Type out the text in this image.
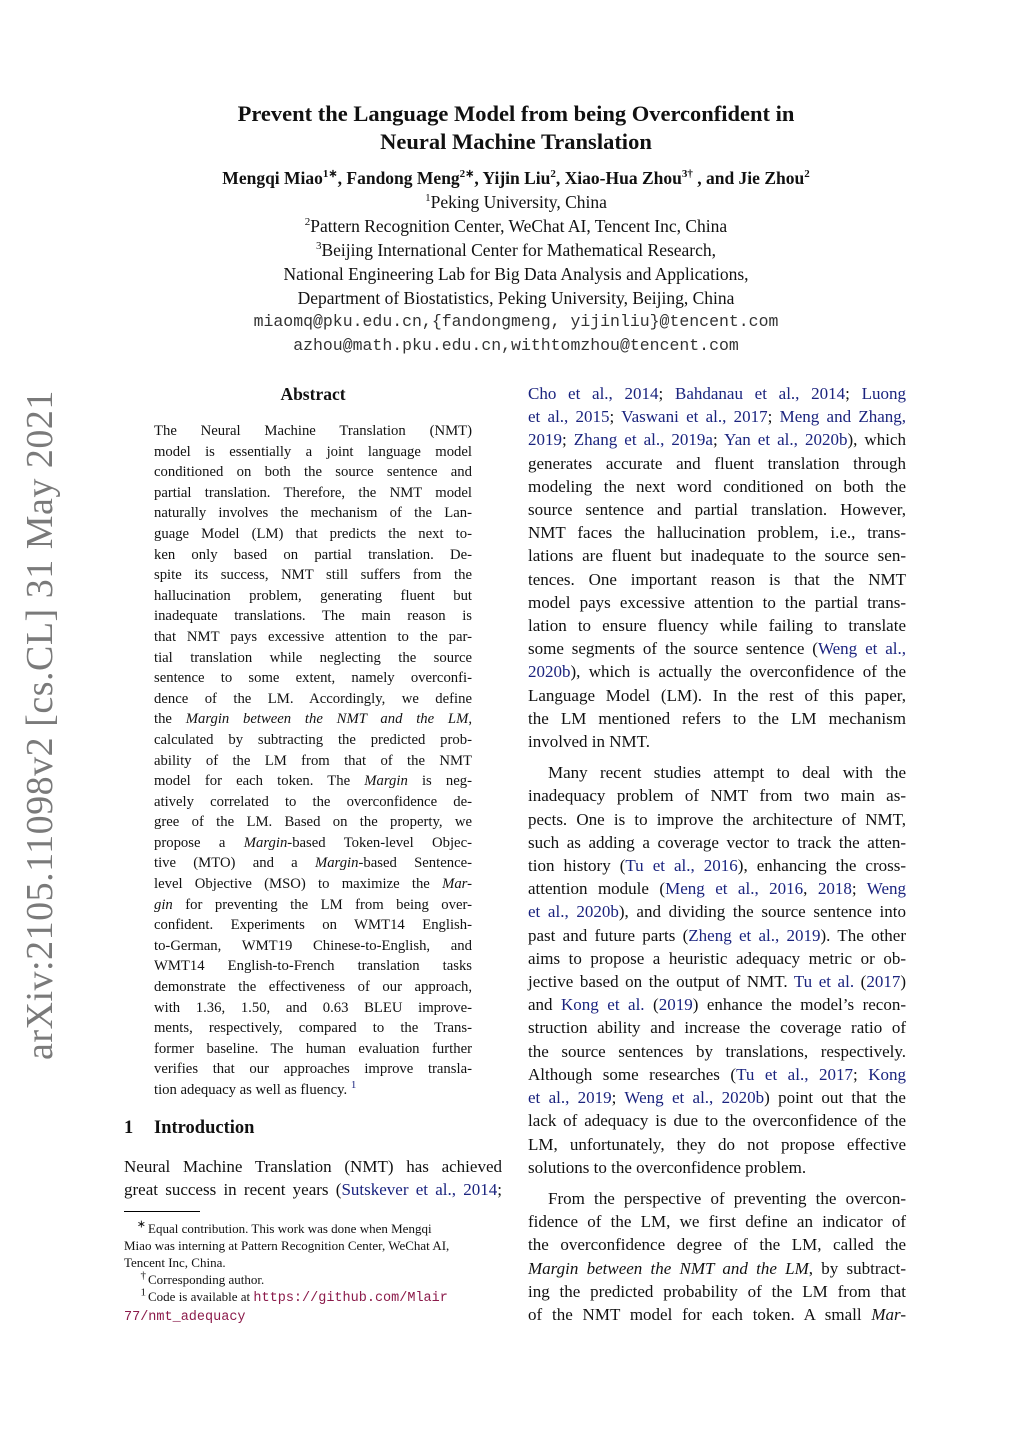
arXiv:2105.11098v2 [cs.CL] 31 May 2021
Prevent the Language Model from being Overconfident in
Neural Machine Translation
Mengqi Miao$^{1∗}$, Fandong Meng$^{2∗}$, Yijin Liu$^2$, Xiao-Hua Zhou$^{3\dagger}$ , and Jie Zhou$^2$
$^1$Peking University, China
$^2$Pattern Recognition Center, WeChat AI, Tencent Inc, China
$^3$Beijing International Center for Mathematical Research,
National Engineering Lab for Big Data Analysis and Applications,
Department of Biostatistics, Peking University, Beijing, China
miaomq@pku.edu.cn,{fandongmeng, yijinliu}@tencent.com
azhou@math.pku.edu.cn,withtomzhou@tencent.com
Abstract
The Neural Machine Translation (NMT)
model is essentially a joint language model
conditioned on both the source sentence and
partial translation. Therefore, the NMT model
naturally involves the mechanism of the Lan-
guage Model (LM) that predicts the next to-
ken only based on partial translation. De-
spite its success, NMT still suffers from the
hallucination problem, generating fluent but
inadequate translations. The main reason is
that NMT pays excessive attention to the par-
tial translation while neglecting the source
sentence to some extent, namely overconfi-
dence of the LM. Accordingly, we define
the Margin between the NMT and the LM,
calculated by subtracting the predicted prob-
ability of the LM from that of the NMT
model for each token. The Margin is neg-
atively correlated to the overconfidence de-
gree of the LM. Based on the property, we
propose a Margin-based Token-level Objec-
tive (MTO) and a Margin-based Sentence-
level Objective (MSO) to maximize the Mar-
gin for preventing the LM from being over-
confident. Experiments on WMT14 English-
to-German, WMT19 Chinese-to-English, and
WMT14 English-to-French translation tasks
demonstrate the effectiveness of our approach,
with 1.36, 1.50, and 0.63 BLEU improve-
ments, respectively, compared to the Trans-
former baseline. The human evaluation further
verifies that our approaches improve transla-
tion adequacy as well as fluency. $^1$
1 Introduction
Neural Machine Translation (NMT) has achieved
great success in recent years (Sutskever et al., 2014;
∗ Equal contribution. This work was done when Mengqi
Miao was interning at Pattern Recognition Center, WeChat AI,
Tencent Inc, China.
† Corresponding author.
$^1$ Code is available at https://github.com/Mlair
77/nmt_adequacy
Cho et al., 2014; Bahdanau et al., 2014; Luong
et al., 2015; Vaswani et al., 2017; Meng and Zhang,
2019; Zhang et al., 2019a; Yan et al., 2020b), which
generates accurate and fluent translation through
modeling the next word conditioned on both the
source sentence and partial translation. However,
NMT faces the hallucination problem, i.e., trans-
lations are fluent but inadequate to the source sen-
tences. One important reason is that the NMT
model pays excessive attention to the partial trans-
lation to ensure fluency while failing to translate
some segments of the source sentence (Weng et al.,
2020b), which is actually the overconfidence of the
Language Model (LM). In the rest of this paper,
the LM mentioned refers to the LM mechanism
involved in NMT.
Many recent studies attempt to deal with the
inadequacy problem of NMT from two main as-
pects. One is to improve the architecture of NMT,
such as adding a coverage vector to track the atten-
tion history (Tu et al., 2016), enhancing the cross-
attention module (Meng et al., 2016, 2018; Weng
et al., 2020b), and dividing the source sentence into
past and future parts (Zheng et al., 2019). The other
aims to propose a heuristic adequacy metric or ob-
jective based on the output of NMT. Tu et al. (2017)
and Kong et al. (2019) enhance the model’s recon-
struction ability and increase the coverage ratio of
the source sentences by translations, respectively.
Although some researches (Tu et al., 2017; Kong
et al., 2019; Weng et al., 2020b) point out that the
lack of adequacy is due to the overconfidence of the
LM, unfortunately, they do not propose effective
solutions to the overconfidence problem.
From the perspective of preventing the overcon-
fidence of the LM, we first define an indicator of
the overconfidence degree of the LM, called the
Margin between the NMT and the LM, by subtract-
ing the predicted probability of the LM from that
of the NMT model for each token. A small Mar-
